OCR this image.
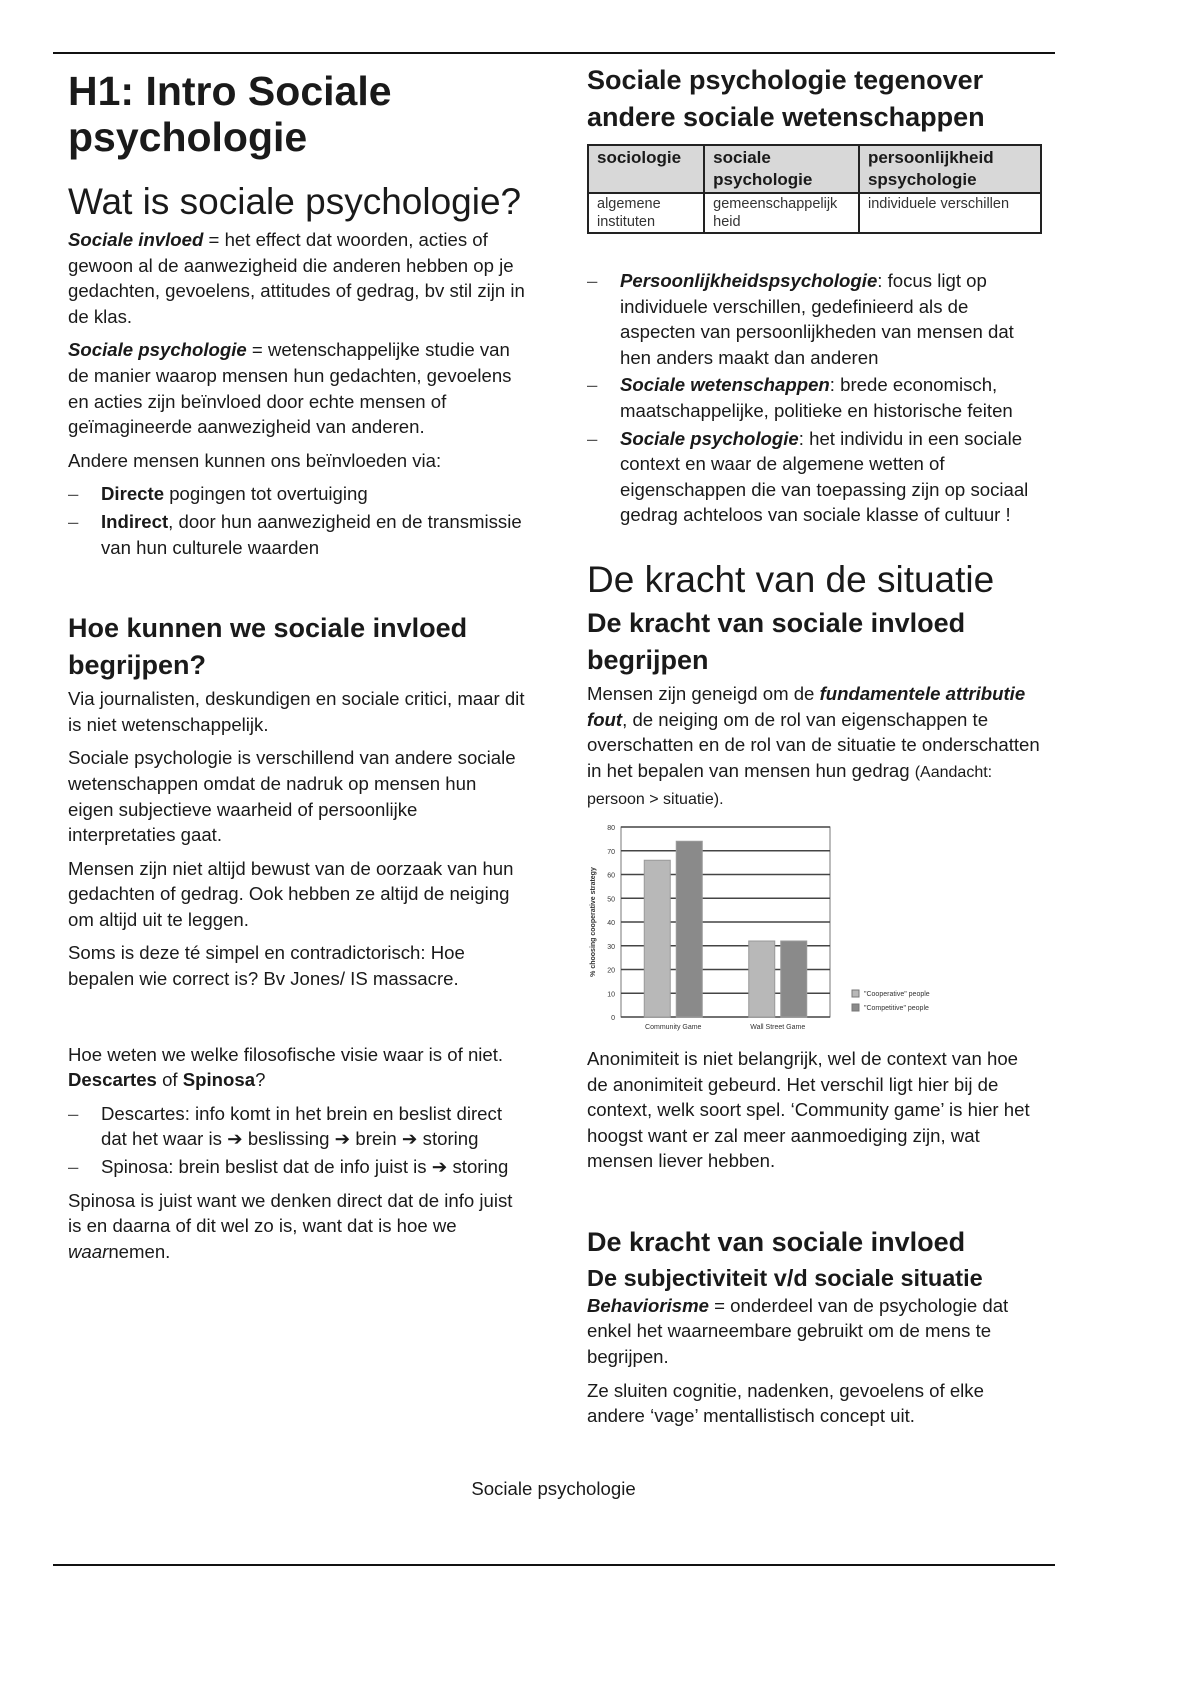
H1: Intro Sociale psychologie
Wat is sociale psychologie?

Sociale invloed = het effect dat woorden, acties of gewoon al de aanwezigheid die anderen hebben op je gedachten, gevoelens, attitudes of gedrag, bv stil zijn in de klas.

Sociale psychologie = wetenschappelijke studie van de manier waarop mensen hun gedachten, gevoelens en acties zijn beïnvloed door echte mensen of geïmagineerde aanwezigheid van anderen.

Andere mensen kunnen ons beïnvloeden via:

– Directe pogingen tot overtuiging
– Indirect, door hun aanwezigheid en de transmissie van hun culturele waarden
Hoe kunnen we sociale invloed begrijpen?

Via journalisten, deskundigen en sociale critici, maar dit is niet wetenschappelijk.

Sociale psychologie is verschillend van andere sociale wetenschappen omdat de nadruk op mensen hun eigen subjectieve waarheid of persoonlijke interpretaties gaat.

Mensen zijn niet altijd bewust van de oorzaak van hun gedachten of gedrag. Ook hebben ze altijd de neiging om altijd uit te leggen.

Soms is deze té simpel en contradictorisch: Hoe bepalen wie correct is? Bv Jones/ IS massacre.

Hoe weten we welke filosofische visie waar is of niet. Descartes of Spinosa?

– Descartes: info komt in het brein en beslist direct dat het waar is ➔ beslissing ➔ brein ➔ storing
– Spinosa: brein beslist dat de info juist is ➔ storing

Spinosa is juist want we denken direct dat de info juist is en daarna of dit wel zo is, want dat is hoe we waarnemen.

Sociale psychologie tegenover andere sociale wetenschappen
sociologie	sociale psychologie	persoonlijkheid spsychologie
algemene instituten	gemeenschappelijk heid	individuele verschillen
– Persoonlijkheidspsychologie: focus ligt op individuele verschillen, gedefinieerd als de aspecten van persoonlijkheden van mensen dat hen anders maakt dan anderen
– Sociale wetenschappen: brede economisch, maatschappelijke, politieke en historische feiten
– Sociale psychologie: het individu in een sociale context en waar de algemene wetten of eigenschappen die van toepassing zijn op sociaal gedrag achteloos van sociale klasse of cultuur !
De kracht van de situatie
De kracht van sociale invloed begrijpen

Mensen zijn geneigd om de fundamentele attributie fout, de neiging om de rol van eigenschappen te overschatten en de rol van de situatie te onderschatten in het bepalen van mensen hun gedrag (Aandacht: persoon > situatie).

0
10
20
30
40
50
60
70
80
% choosing cooperative strategy
Community Game	Wall Street Game
"Cooperative" people
"Competitive" people

Anonimiteit is niet belangrijk, wel de context van hoe de anonimiteit gebeurd. Het verschil ligt hier bij de context, welk soort spel. ‘Community game’ is hier het hoogst want er zal meer aanmoediging zijn, wat mensen liever hebben.

De kracht van sociale invloed
De subjectiviteit v/d sociale situatie

Behaviorisme = onderdeel van de psychologie dat enkel het waarneembare gebruikt om de mens te begrijpen.

Ze sluiten cognitie, nadenken, gevoelens of elke andere ‘vage’ mentallistisch concept uit.

Sociale psychologie
